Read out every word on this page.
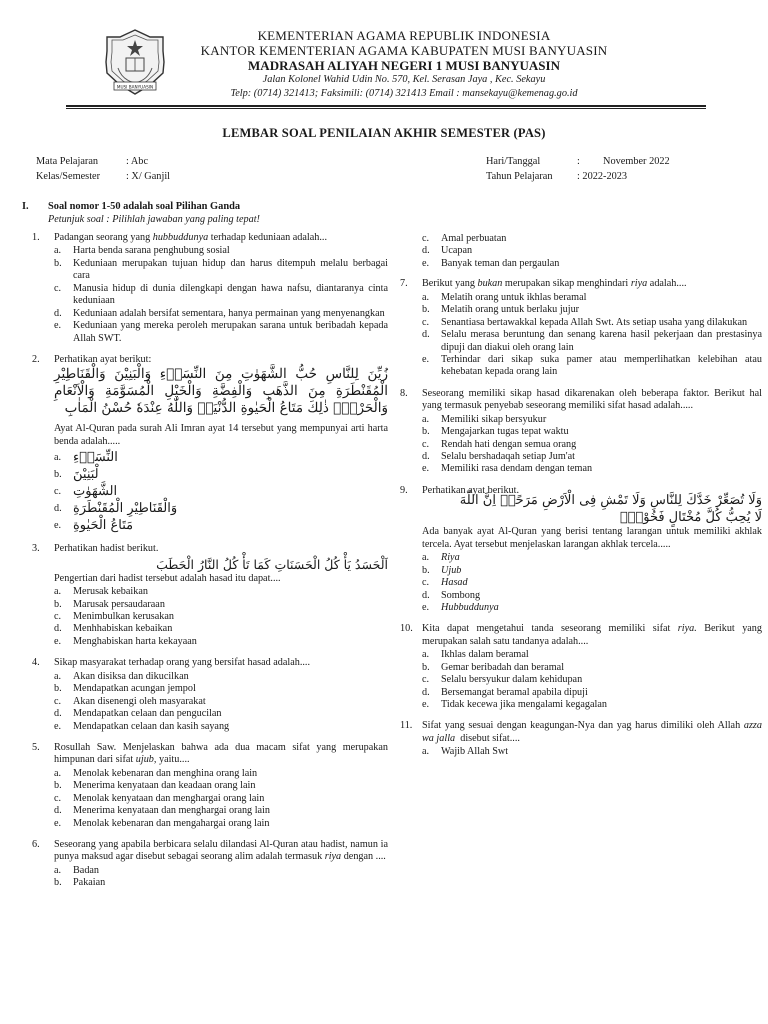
MUSI BANYUASIN
KEMENTERIAN AGAMA REPUBLIK INDONESIA
KANTOR KEMENTERIAN AGAMA KABUPATEN MUSI BANYUASIN
MADRASAH ALIYAH NEGERI 1 MUSI BANYUASIN
Jalan Kolonel Wahid Udin No. 570, Kel. Serasan Jaya , Kec. Sekayu
Telp: (0714) 321413; Faksimili: (0714) 321413 Email : mansekayu@kemenag.go.id
LEMBAR SOAL PENILAIAN AKHIR SEMESTER (PAS)
Mata Pelajaran	: Abc
Kelas/Semester	: X/ Ganjil
Hari/Tanggal	:         November 2022
Tahun Pelajaran	: 2022-2023
I. Soal nomor 1-50 adalah soal Pilihan Ganda
Petunjuk soal : Pilihlah jawaban yang paling tepat!
1.	Padangan seorang yang hubbuddunya terhadap keduniaan adalah...
a.	Harta benda sarana penghubung sosial
b.	Keduniaan merupakan tujuan hidup dan harus ditempuh melalu berbagai cara
c.	Manusia hidup di dunia dilengkapi dengan hawa nafsu, diantaranya cinta keduniaan
d.	Keduniaan adalah bersifat sementara, hanya permainan yang menyenangkan
e.	Keduniaan yang mereka peroleh merupakan sarana untuk beribadah kepada Allah SWT.
2.	Perhatikan ayat berikut:
زُيِّنَ لِلنَّاسِ حُبُّ الشَّهَوٰتِ مِنَ النِّسَاۤءِ وَالْبَنِيْنَ وَالْقَنَاطِيْرِ الْمُقَنْطَرَةِ مِنَ الذَّهَبِ وَالْفِضَّةِ وَالْخَيْلِ الْمُسَوَّمَةِ وَالْاَنْعَامِ وَالْحَرْثِۗ ذٰلِكَ مَتَاعُ الْحَيٰوةِ الدُّنْيَاۗ وَاللّٰهُ عِنْدَهٗ حُسْنُ الْمَاٰبِ
Ayat Al-Quran pada surah Ali Imran ayat 14 tersebut yang mempunyai arti harta benda adalah.....
a. النِّسَاۤءِ
b. لْبَنِيْنَ
c. الشَّهَوٰتِ
d. وَالْقَنَاطِيْرِ الْمُقَنْطَرَةِ
e. مَتَاعُ الْحَيٰوةِ
3.	Perhatikan hadist berikut.
اَلْحَسَدُ يَأْ كُلُ الْحَسَنَاتِ كَمَا تَأْ كُلُ النَّارُ الْحَطَبَ
Pengertian dari hadist tersebut adalah hasad itu dapat....
a.	Merusak kebaikan
b.	Marusak persaudaraan
c.	Menimbulkan kerusakan
d.	Menhhabiskan kebaikan
e.	Menghabiskan harta kekayaan
4.	Sikap masyarakat terhadap orang yang bersifat hasad adalah....
a.	Akan disiksa dan dikucilkan
b.	Mendapatkan acungan jempol
c.	Akan disenengi oleh masyarakat
d.	Mendapatkan celaan dan pengucilan
e.	Mendapatkan celaan dan kasih sayang
5.	Rosullah Saw. Menjelaskan bahwa ada dua macam sifat yang merupakan himpunan dari sifat ujub, yaitu....
a.	Menolak kebenaran dan menghina orang lain
b.	Menerima kenyataan dan keadaan orang lain
c.	Menolak kenyataan dan menghargai orang lain
d.	Menerima kenyataan dan menghargai orang lain
e.	Menolak kebenaran dan mengahargai orang lain
6.	Seseorang yang apabila berbicara selalu dilandasi Al-Quran atau hadist, namun ia punya maksud agar disebut sebagai seorang alim adalah termasuk riya dengan ....
a.	Badan
b.	Pakaian
c.	Amal perbuatan
d.	Ucapan
e.	Banyak teman dan pergaulan
7.	Berikut yang bukan merupakan sikap menghindari riya adalah....
a.	Melatih orang untuk ikhlas beramal
b.	Melatih orang untuk berlaku jujur
c.	Senantiasa bertawakkal kepada Allah Swt. Ats setiap usaha yang dilakukan
d.	Selalu merasa beruntung dan senang karena hasil pekerjaan dan prestasinya dipuji dan diakui oleh orang lain
e.	Terhindar dari sikap suka pamer atau memperlihatkan kelebihan atau kehebatan kepada orang lain
8.	Seseorang memiliki sikap hasad dikarenakan oleh beberapa faktor. Berikut hal yang termasuk penyebab seseorang memiliki sifat hasad adalah.....
a.	Memiliki sikap bersyukur
b.	Mengajarkan tugas tepat waktu
c.	Rendah hati dengan semua orang
d.	Selalu bershadaqah setiap Jum'at
e.	Memiliki rasa dendam dengan teman
9.	Perhatikan ayat berikut.
وَلَا تُصَعِّرْ خَدَّكَ لِلنَّاسِ وَلَا تَمْشِ فِى الْاَرْضِ مَرَحًاۗ اِنَّ اللّٰهَ
لَا يُحِبُّ كُلَّ مُخْتَالٍ فَخُوْرٍۚ
Ada banyak ayat Al-Quran yang berisi tentang larangan untuk memiliki akhlak tercela. Ayat tersebut menjelaskan larangan akhlak tercela.....
a.	Riya
b.	Ujub
c.	Hasad
d.	Sombong
e.	Hubbuddunya
10. Kita dapat mengetahui tanda seseorang memiliki sifat riya. Berikut yang merupakan salah satu tandanya adalah....
a.	Ikhlas dalam beramal
b.	Gemar beribadah dan beramal
c.	Selalu bersyukur dalam kehidupan
d.	Bersemangat beramal apabila dipuji
e.	Tidak kecewa jika mengalami kegagalan
11. Sifat yang sesuai dengan keagungan-Nya dan yag harus dimiliki oleh Allah azza wa jalla  disebut sifat....
a.	Wajib Allah Swt
